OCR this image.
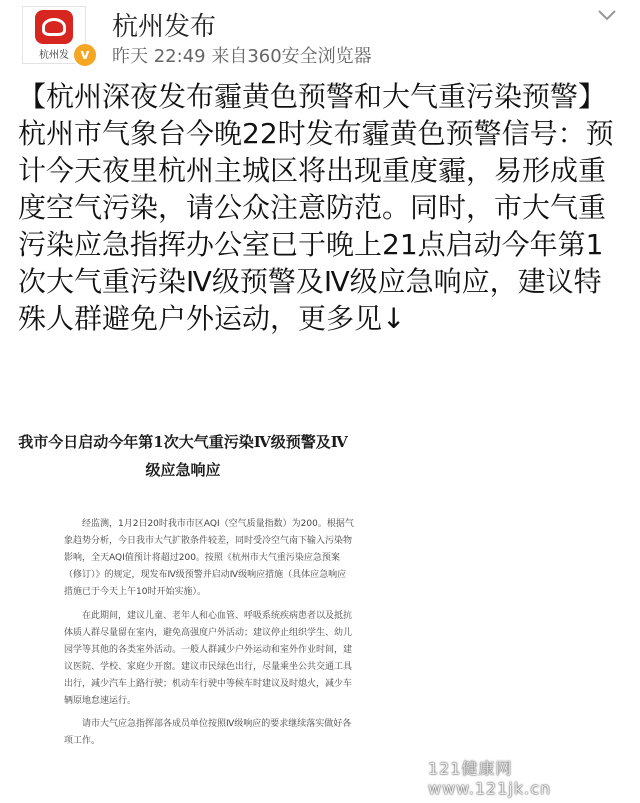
杭州发 v
杭州发布
昨天 22:49 来自360安全浏览器

【杭州深夜发布霾黄色预警和大气重污染预警】杭州市气象台今晚22时发布霾黄色预警信号：预计今天夜里杭州主城区将出现重度霾，易形成重度空气污染，请公众注意防范。同时，市大气重污染应急指挥办公室已于晚上21点启动今年第1次大气重污染Ⅳ级预警及Ⅳ级应急响应，建议特殊人群避免户外运动，更多见↓

我市今日启动今年第1次大气重污染Ⅳ级预警及Ⅳ级应急响应

经监测，1月2日20时我市市区AQI（空气质量指数）为200。根据气象趋势分析，今日我市大气扩散条件较差，同时受冷空气南下输入污染物影响，全天AQI值预计将超过200。按照《杭州市大气重污染应急预案（修订）》的规定，现发布Ⅳ级预警并启动Ⅳ级响应措施（具体应急响应措施已于今天上午10时开始实施）。

在此期间，建议儿童、老年人和心血管、呼吸系统疾病患者以及抵抗体质人群尽量留在室内，避免高强度户外活动；建议停止组织学生、幼儿园学等其他的各类室外活动。一般人群减少户外运动和室外作业时间，建议医院、学校、家庭少开窗。建议市民绿色出行，尽量乘坐公共交通工具出行，减少汽车上路行驶；机动车行驶中等候车时建议及时熄火，减少车辆原地怠速运行。

请市大气应急指挥部各成员单位按照Ⅳ级响应的要求继续落实做好各项工作。

121健康网 www.121jk.cn
